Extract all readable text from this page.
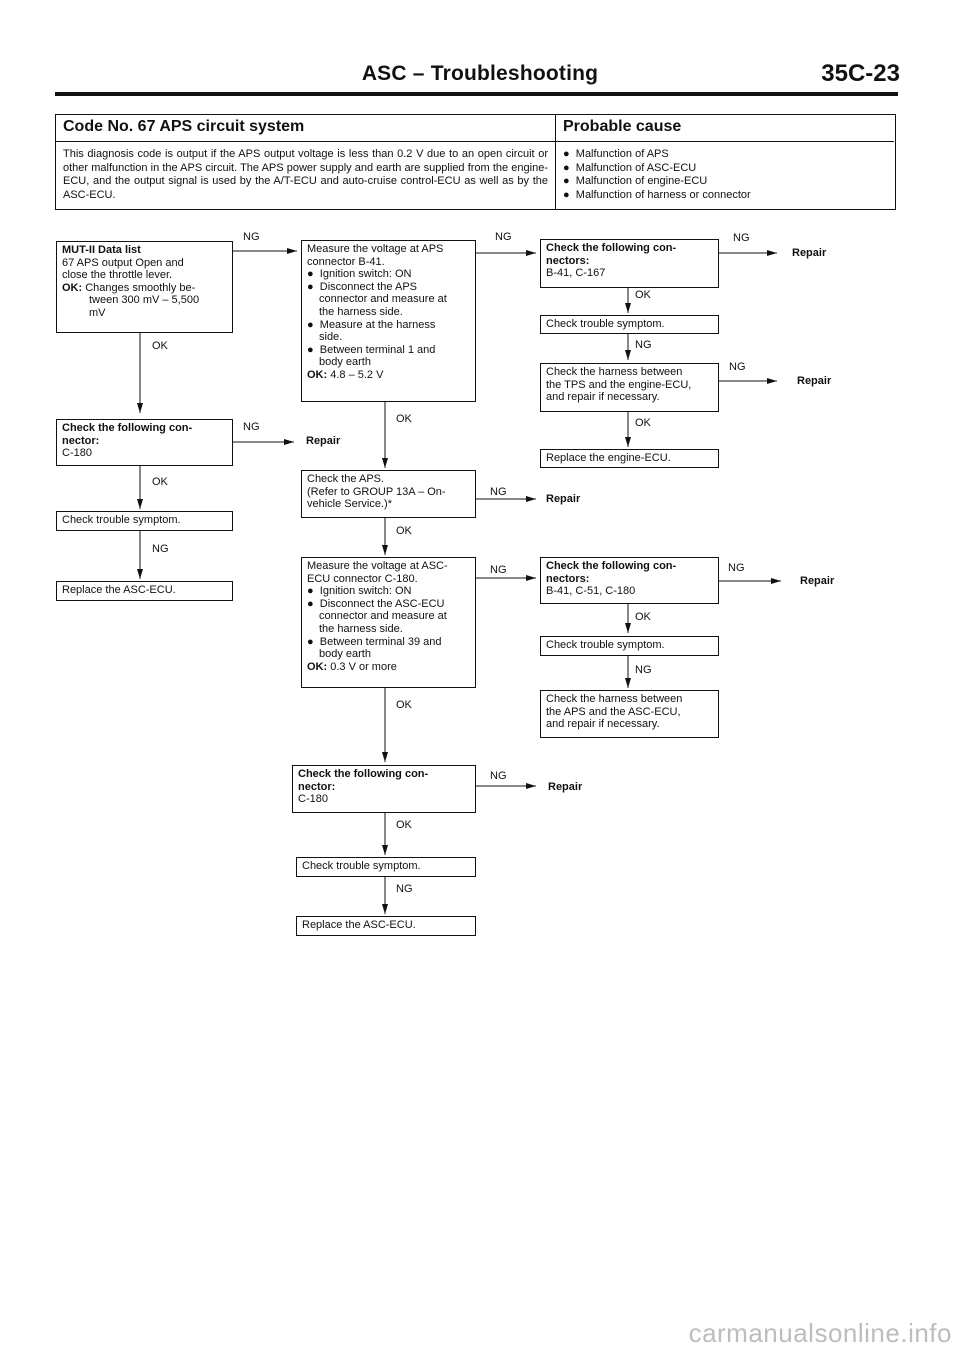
ASC – Troubleshooting	35C-23
Code No. 67 APS circuit system	Probable cause
This diagnosis code is output if the APS output voltage is less than 0.2 V due to an open circuit or other malfunction in the APS circuit. The APS power supply and earth are supplied from the engine-ECU, and the output signal is used by the A/T-ECU and auto-cruise control-ECU as well as by the ASC-ECU.
● Malfunction of APS
● Malfunction of ASC-ECU
● Malfunction of engine-ECU
● Malfunction of harness or connector
MUT-II Data list
67 APS output Open and
close the throttle lever.
OK: Changes smoothly be-
tween 300 mV – 5,500
mV
OK
NG
Check the following con-
nector:
C-180
NG
Repair
OK
Check trouble symptom.
NG
Replace the ASC-ECU.
Measure the voltage at APS
connector B-41.
● Ignition switch: ON
● Disconnect the APS
connector and measure at
the harness side.
● Measure at the harness
side.
● Between terminal 1 and
body earth
OK: 4.8 – 5.2 V
NG
OK
Check the APS.
(Refer to GROUP 13A – On-
vehicle Service.)*
NG
Repair
OK
Measure the voltage at ASC-
ECU connector C-180.
● Ignition switch: ON
● Disconnect the ASC-ECU
connector and measure at
the harness side.
● Between terminal 39 and
body earth
OK: 0.3 V or more
NG
OK
Check the following con-
nector:
C-180
NG
Repair
OK
Check trouble symptom.
NG
Replace the ASC-ECU.
Check the following con-
nectors:
B-41, C-167
NG
Repair
OK
Check trouble symptom.
NG
Check the harness between
the TPS and the engine-ECU,
and repair if necessary.
NG
Repair
OK
Replace the engine-ECU.
Check the following con-
nectors:
B-41, C-51, C-180
NG
Repair
OK
Check trouble symptom.
NG
Check the harness between
the APS and the ASC-ECU,
and repair if necessary.
carmanualsonline.info
